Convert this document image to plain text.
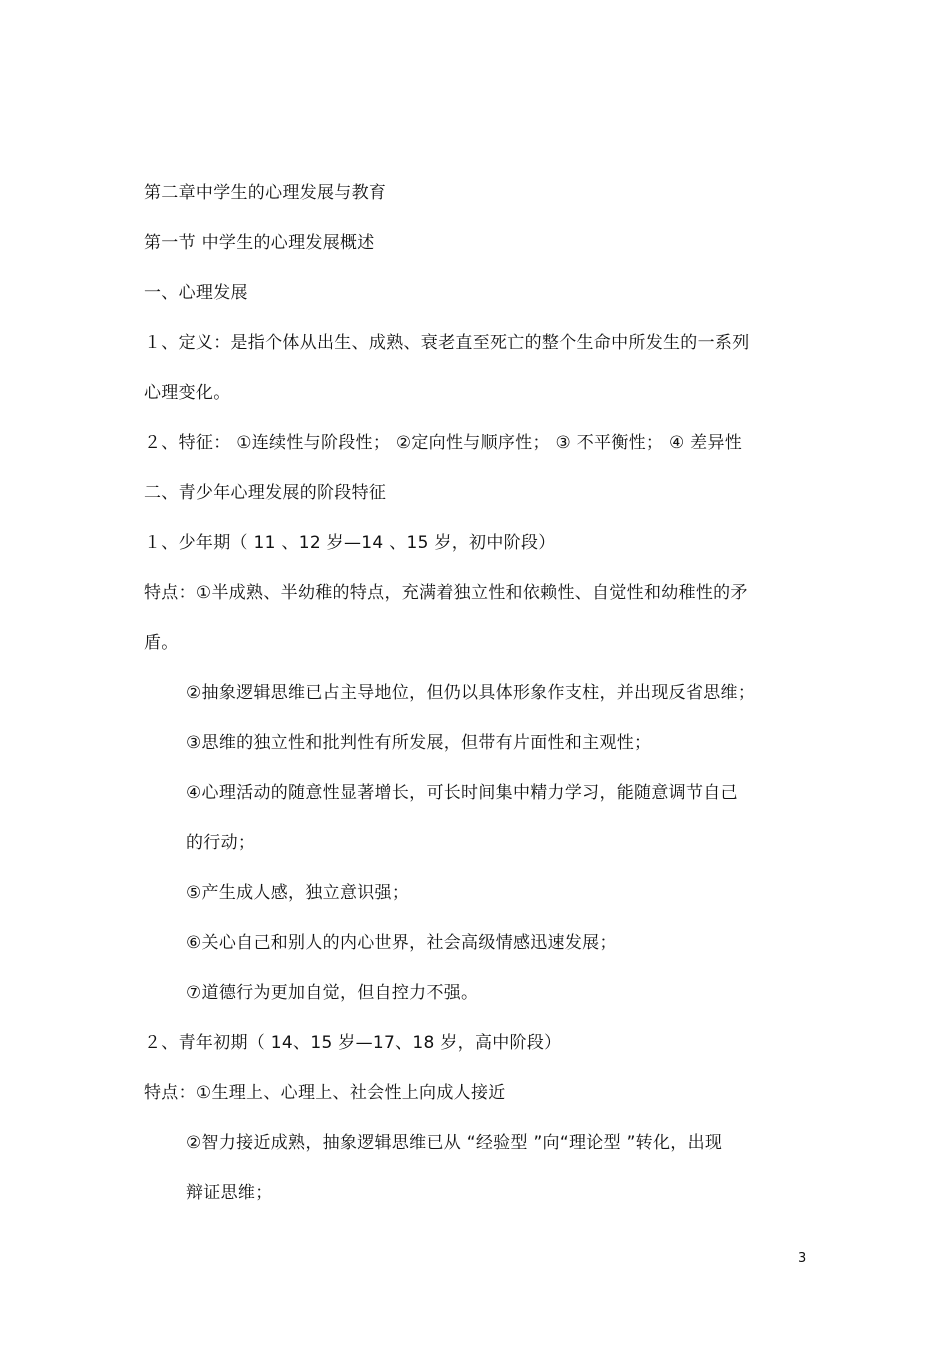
第二章中学生的心理发展与教育
第一节 中学生的心理发展概述
一、心理发展
１、定义：是指个体从出生、成熟、衰老直至死亡的整个生命中所发生的一系列
心理变化。
２、特征： ①连续性与阶段性； ②定向性与顺序性； ③ 不平衡性； ④ 差异性
二、青少年心理发展的阶段特征
１、少年期（ 11 、12 岁—14 、15 岁，初中阶段）
特点：①半成熟、半幼稚的特点，充满着独立性和依赖性、自觉性和幼稚性的矛
盾。
②抽象逻辑思维已占主导地位，但仍以具体形象作支柱，并出现反省思维；
③思维的独立性和批判性有所发展，但带有片面性和主观性；
④心理活动的随意性显著增长，可长时间集中精力学习，能随意调节自己
的行动；
⑤产生成人感，独立意识强；
⑥关心自己和别人的内心世界，社会高级情感迅速发展；
⑦道德行为更加自觉，但自控力不强。
２、青年初期（ 14、15 岁—17、18 岁，高中阶段）
特点：①生理上、心理上、社会性上向成人接近
②智力接近成熟，抽象逻辑思维已从 “经验型 ”向“理论型 ”转化，出现
辩证思维；
3
